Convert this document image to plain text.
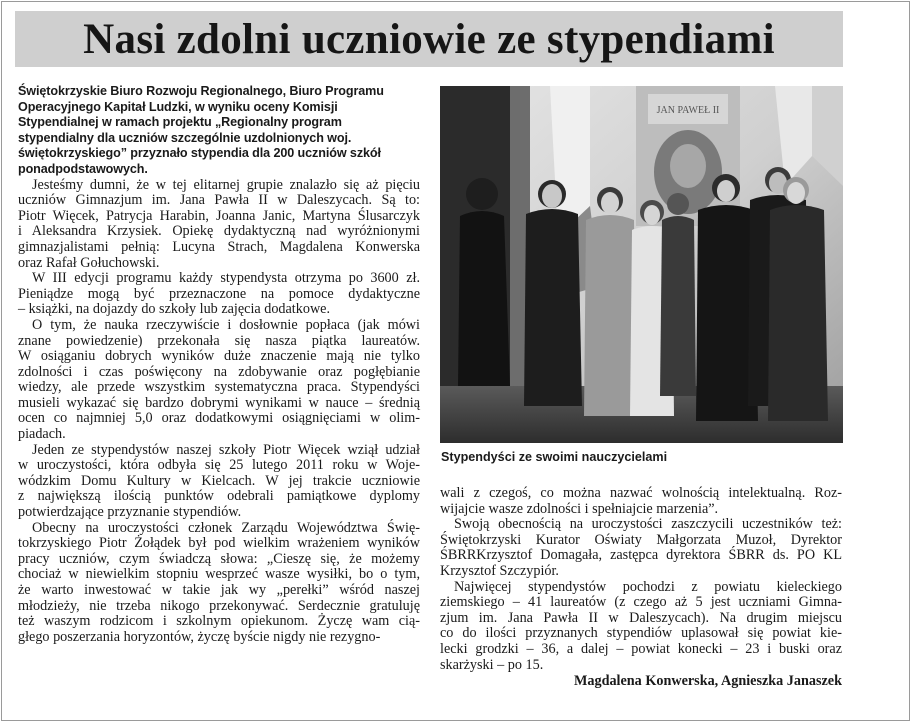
Nasi zdolni uczniowie ze stypendiami
Świętokrzyskie Biuro Rozwoju Regionalnego, Biuro Programu
Operacyjnego Kapitał Ludzki, w wyniku oceny Komisji
Stypendialnej w ramach projektu „Regionalny program
stypendialny dla uczniów szczególnie uzdolnionych woj.
świętokrzyskiego” przyznało stypendia dla 200 uczniów szkół
ponadpodstawowych.
Jesteśmy dumni, że w tej elitarnej grupie znalazło się aż pięciu
uczniów Gimnazjum im. Jana Pawła II w Daleszycach. Są to:
Piotr Więcek, Patrycja Harabin, Joanna Janic, Martyna Ślusarczyk
i Aleksandra Krzysiek. Opiekę dydaktyczną nad wyróżnionymi
gimnazjalistami pełnią: Lucyna Strach, Magdalena Konwerska
oraz Rafał Gołuchowski.
W III edycji programu każdy stypendysta otrzyma po 3600 zł.
Pieniądze mogą być przeznaczone na pomoce dydaktyczne
– książki, na dojazdy do szkoły lub zajęcia dodatkowe.
O tym, że nauka rzeczywiście i dosłownie popłaca (jak mówi
znane powiedzenie) przekonała się nasza piątka laureatów.
W osiąganiu dobrych wyników duże znaczenie mają nie tylko
zdolności i czas poświęcony na zdobywanie oraz pogłębianie
wiedzy, ale przede wszystkim systematyczna praca. Stypendyści
musieli wykazać się bardzo dobrymi wynikami w nauce – średnią
ocen co najmniej 5,0 oraz dodatkowymi osiągnięciami w olim-
piadach.
Jeden ze stypendystów naszej szkoły Piotr Więcek wziął udział
w uroczystości, która odbyła się 25 lutego 2011 roku w Woje-
wódzkim Domu Kultury w Kielcach. W jej trakcie uczniowie
z największą ilością punktów odebrali pamiątkowe dyplomy
potwierdzające przyznanie stypendiów.
Obecny na uroczystości członek Zarządu Województwa Świę-
tokrzyskiego Piotr Żołądek był pod wielkim wrażeniem wyników
pracy uczniów, czym świadczą słowa: „Cieszę się, że możemy
chociaż w niewielkim stopniu wesprzeć wasze wysiłki, bo o tym,
że warto inwestować w takie jak wy „perełki” wśród naszej
młodzieży, nie trzeba nikogo przekonywać. Serdecznie gratuluję
też waszym rodzicom i szkolnym opiekunom. Życzę wam cią-
głego poszerzania horyzontów, życzę byście nigdy nie rezygno-
JAN PAWEŁ II
Stypendyści ze swoimi nauczycielami
wali z czegoś, co można nazwać wolnością intelektualną. Roz-
wijajcie wasze zdolności i spełniajcie marzenia”.
Swoją obecnością na uroczystości zaszczycili uczestników też:
Świętokrzyski Kurator Oświaty Małgorzata Muzoł, Dyrektor
ŚBRRKrzysztof Domagała, zastępca dyrektora ŚBRR ds. PO KL
Krzysztof Szczypiór.
Najwięcej stypendystów pochodzi z powiatu kieleckiego
ziemskiego – 41 laureatów (z czego aż 5 jest uczniami Gimna-
zjum im. Jana Pawła II w Daleszycach). Na drugim miejscu
co do ilości przyznanych stypendiów uplasował się powiat kie-
lecki grodzki – 36, a dalej – powiat konecki – 23 i buski oraz
skarżyski – po 15.
Magdalena Konwerska, Agnieszka Janaszek
